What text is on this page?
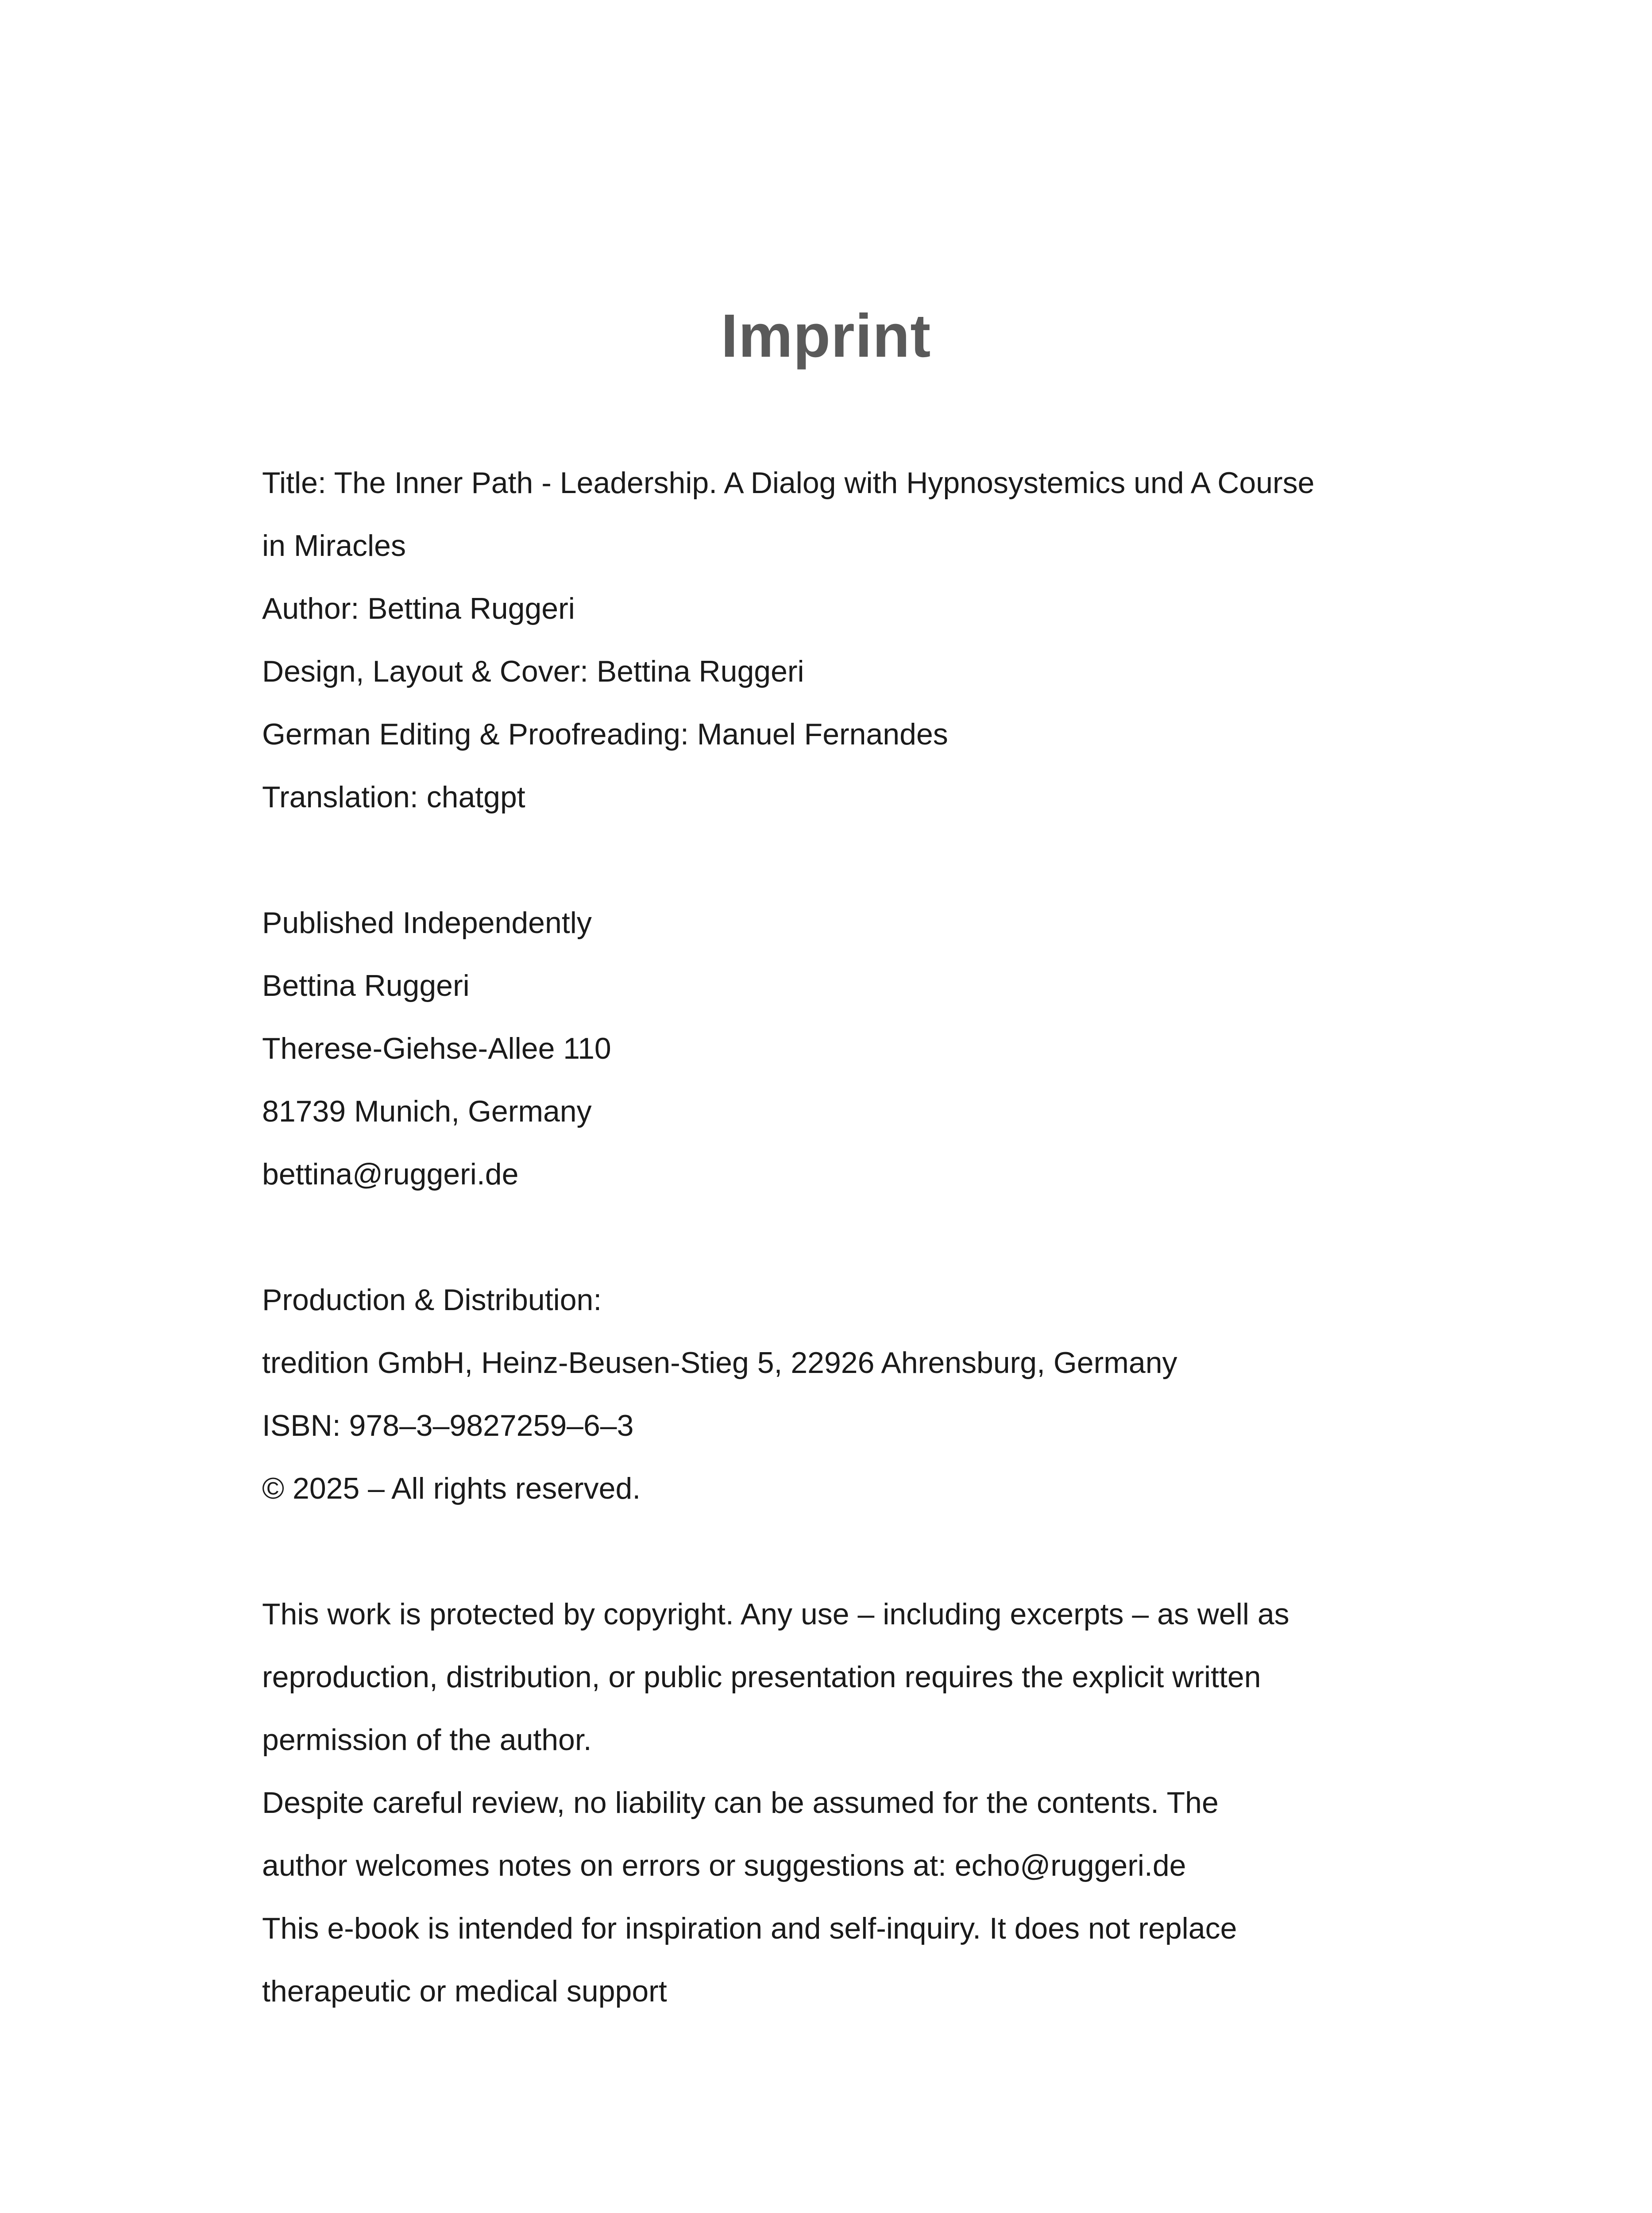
Imprint
Title: The Inner Path - Leadership. A Dialog with Hypnosystemics und A Course
in Miracles
Author: Bettina Ruggeri
Design, Layout & Cover: Bettina Ruggeri
German Editing & Proofreading: Manuel Fernandes
Translation: chatgpt
Published Independently
Bettina Ruggeri
Therese-Giehse-Allee 110
81739 Munich, Germany
bettina@ruggeri.de
Production & Distribution:
tredition GmbH, Heinz-Beusen-Stieg 5, 22926 Ahrensburg, Germany
ISBN: 978–3–9827259–6–3
© 2025 – All rights reserved.
This work is protected by copyright. Any use – including excerpts – as well as
reproduction, distribution, or public presentation requires the explicit written
permission of the author.
Despite careful review, no liability can be assumed for the contents. The
author welcomes notes on errors or suggestions at: echo@ruggeri.de
This e-book is intended for inspiration and self-inquiry. It does not replace
therapeutic or medical support
